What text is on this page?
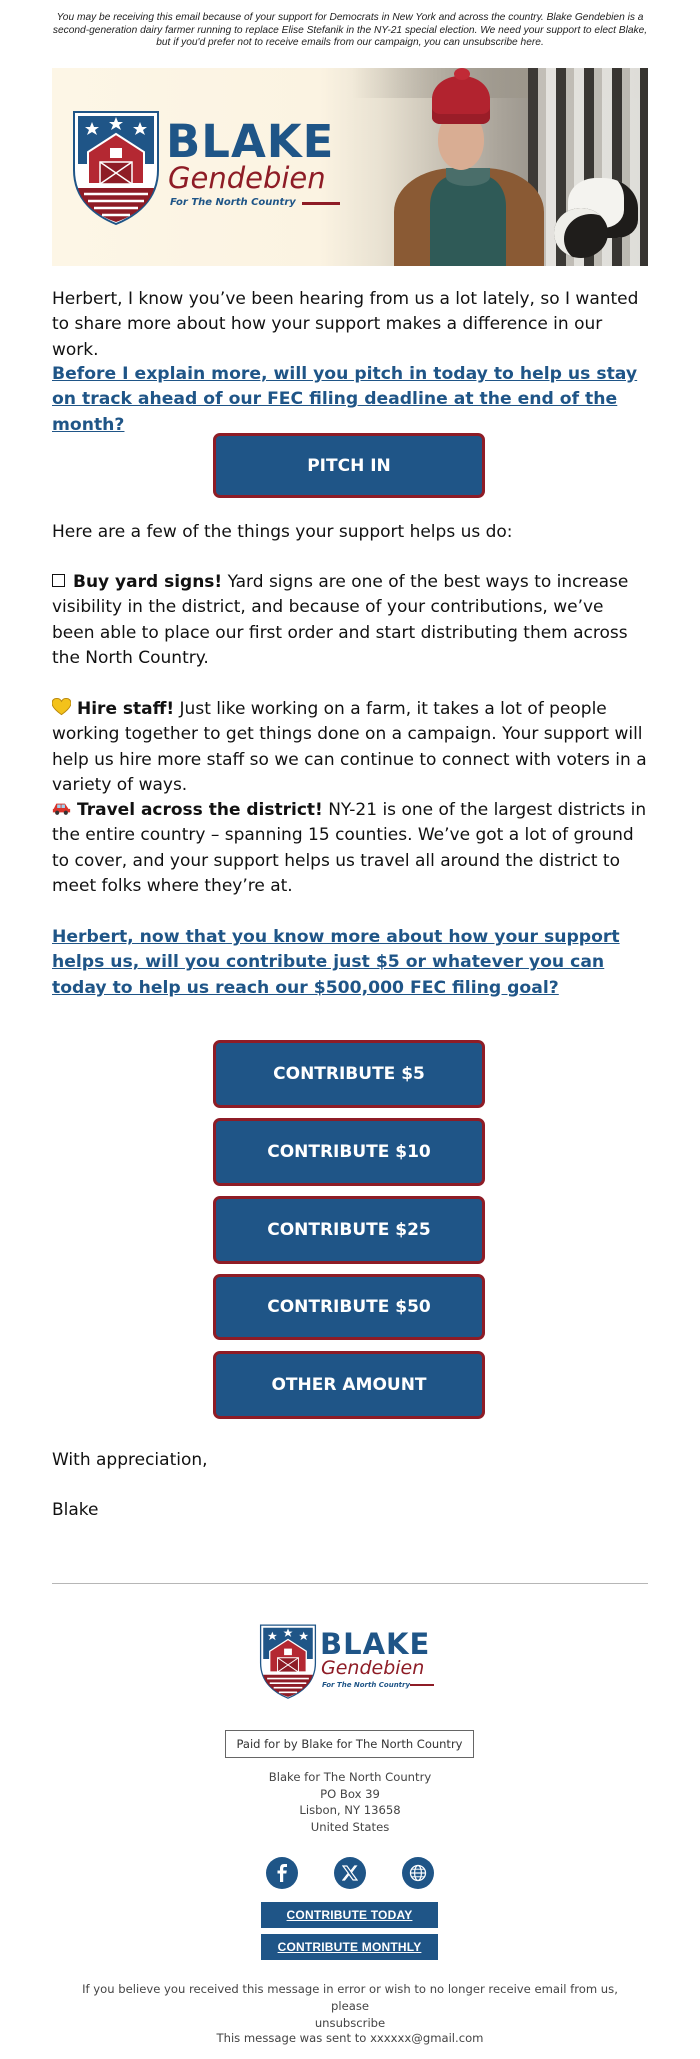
You may be receiving this email because of your support for Democrats in New York and across the country. Blake Gendebien is a second-generation dairy farmer running to replace Elise Stefanik in the NY-21 special election. We need your support to elect Blake, but if you'd prefer not to receive emails from our campaign, you can unsubscribe here.
BLAKE
Gendebien
For The North Country

Herbert, I know you’ve been hearing from us a lot lately, so I wanted to share more about how your support makes a difference in our work.

Before I explain more, will you pitch in today to help us stay on track ahead of our FEC filing deadline at the end of the month?

PITCH IN

Here are a few of the things your support helps us do:

Buy yard signs! Yard signs are one of the best ways to increase visibility in the district, and because of your contributions, we’ve been able to place our first order and start distributing them across the North Country.

Hire staff! Just like working on a farm, it takes a lot of people working together to get things done on a campaign. Your support will help us hire more staff so we can continue to connect with voters in a variety of ways.

Travel across the district! NY-21 is one of the largest districts in the entire country – spanning 15 counties. We’ve got a lot of ground to cover, and your support helps us travel all around the district to meet folks where they’re at.

Herbert, now that you know more about how your support helps us, will you contribute just $5 or whatever you can today to help us reach our $500,000 FEC filing goal?

CONTRIBUTE $5
CONTRIBUTE $10
CONTRIBUTE $25
CONTRIBUTE $50
OTHER AMOUNT

With appreciation,

Blake

BLAKE
Gendebien
For The North Country
Paid for by Blake for The North Country
Blake for The North Country
PO Box 39
Lisbon, NY 13658
United States
CONTRIBUTE TODAY
CONTRIBUTE MONTHLY
If you believe you received this message in error or wish to no longer receive email from us, please
unsubscribe
This message was sent to xxxxxx@gmail.com
